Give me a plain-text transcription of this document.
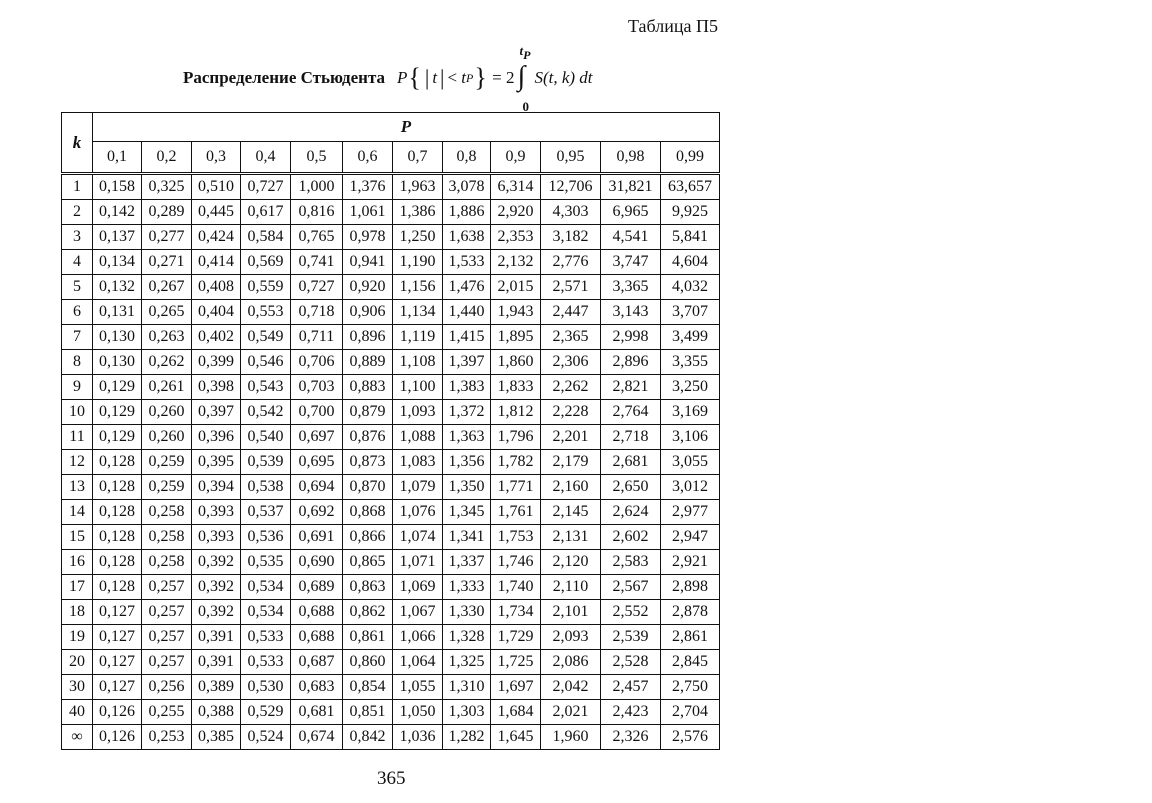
Таблица П5
Распределение Стьюдента P { | t | <
t P }
=
2 ∫
tP
0
S(t, k) dt
k	P											
	0,1	0,2	0,3	0,4	0,5	0,6	0,7	0,8	0,9	0,95	0,98	0,99
1	0,158	0,325	0,510	0,727	1,000	1,376	1,963	3,078	6,314	12,706	31,821	63,657
2	0,142	0,289	0,445	0,617	0,816	1,061	1,386	1,886	2,920	4,303	6,965	9,925
3	0,137	0,277	0,424	0,584	0,765	0,978	1,250	1,638	2,353	3,182	4,541	5,841
4	0,134	0,271	0,414	0,569	0,741	0,941	1,190	1,533	2,132	2,776	3,747	4,604
5	0,132	0,267	0,408	0,559	0,727	0,920	1,156	1,476	2,015	2,571	3,365	4,032
6	0,131	0,265	0,404	0,553	0,718	0,906	1,134	1,440	1,943	2,447	3,143	3,707
7	0,130	0,263	0,402	0,549	0,711	0,896	1,119	1,415	1,895	2,365	2,998	3,499
8	0,130	0,262	0,399	0,546	0,706	0,889	1,108	1,397	1,860	2,306	2,896	3,355
9	0,129	0,261	0,398	0,543	0,703	0,883	1,100	1,383	1,833	2,262	2,821	3,250
10	0,129	0,260	0,397	0,542	0,700	0,879	1,093	1,372	1,812	2,228	2,764	3,169
11	0,129	0,260	0,396	0,540	0,697	0,876	1,088	1,363	1,796	2,201	2,718	3,106
12	0,128	0,259	0,395	0,539	0,695	0,873	1,083	1,356	1,782	2,179	2,681	3,055
13	0,128	0,259	0,394	0,538	0,694	0,870	1,079	1,350	1,771	2,160	2,650	3,012
14	0,128	0,258	0,393	0,537	0,692	0,868	1,076	1,345	1,761	2,145	2,624	2,977
15	0,128	0,258	0,393	0,536	0,691	0,866	1,074	1,341	1,753	2,131	2,602	2,947
16	0,128	0,258	0,392	0,535	0,690	0,865	1,071	1,337	1,746	2,120	2,583	2,921
17	0,128	0,257	0,392	0,534	0,689	0,863	1,069	1,333	1,740	2,110	2,567	2,898
18	0,127	0,257	0,392	0,534	0,688	0,862	1,067	1,330	1,734	2,101	2,552	2,878
19	0,127	0,257	0,391	0,533	0,688	0,861	1,066	1,328	1,729	2,093	2,539	2,861
20	0,127	0,257	0,391	0,533	0,687	0,860	1,064	1,325	1,725	2,086	2,528	2,845
30	0,127	0,256	0,389	0,530	0,683	0,854	1,055	1,310	1,697	2,042	2,457	2,750
40	0,126	0,255	0,388	0,529	0,681	0,851	1,050	1,303	1,684	2,021	2,423	2,704
∞	0,126	0,253	0,385	0,524	0,674	0,842	1,036	1,282	1,645	1,960	2,326	2,576
365
